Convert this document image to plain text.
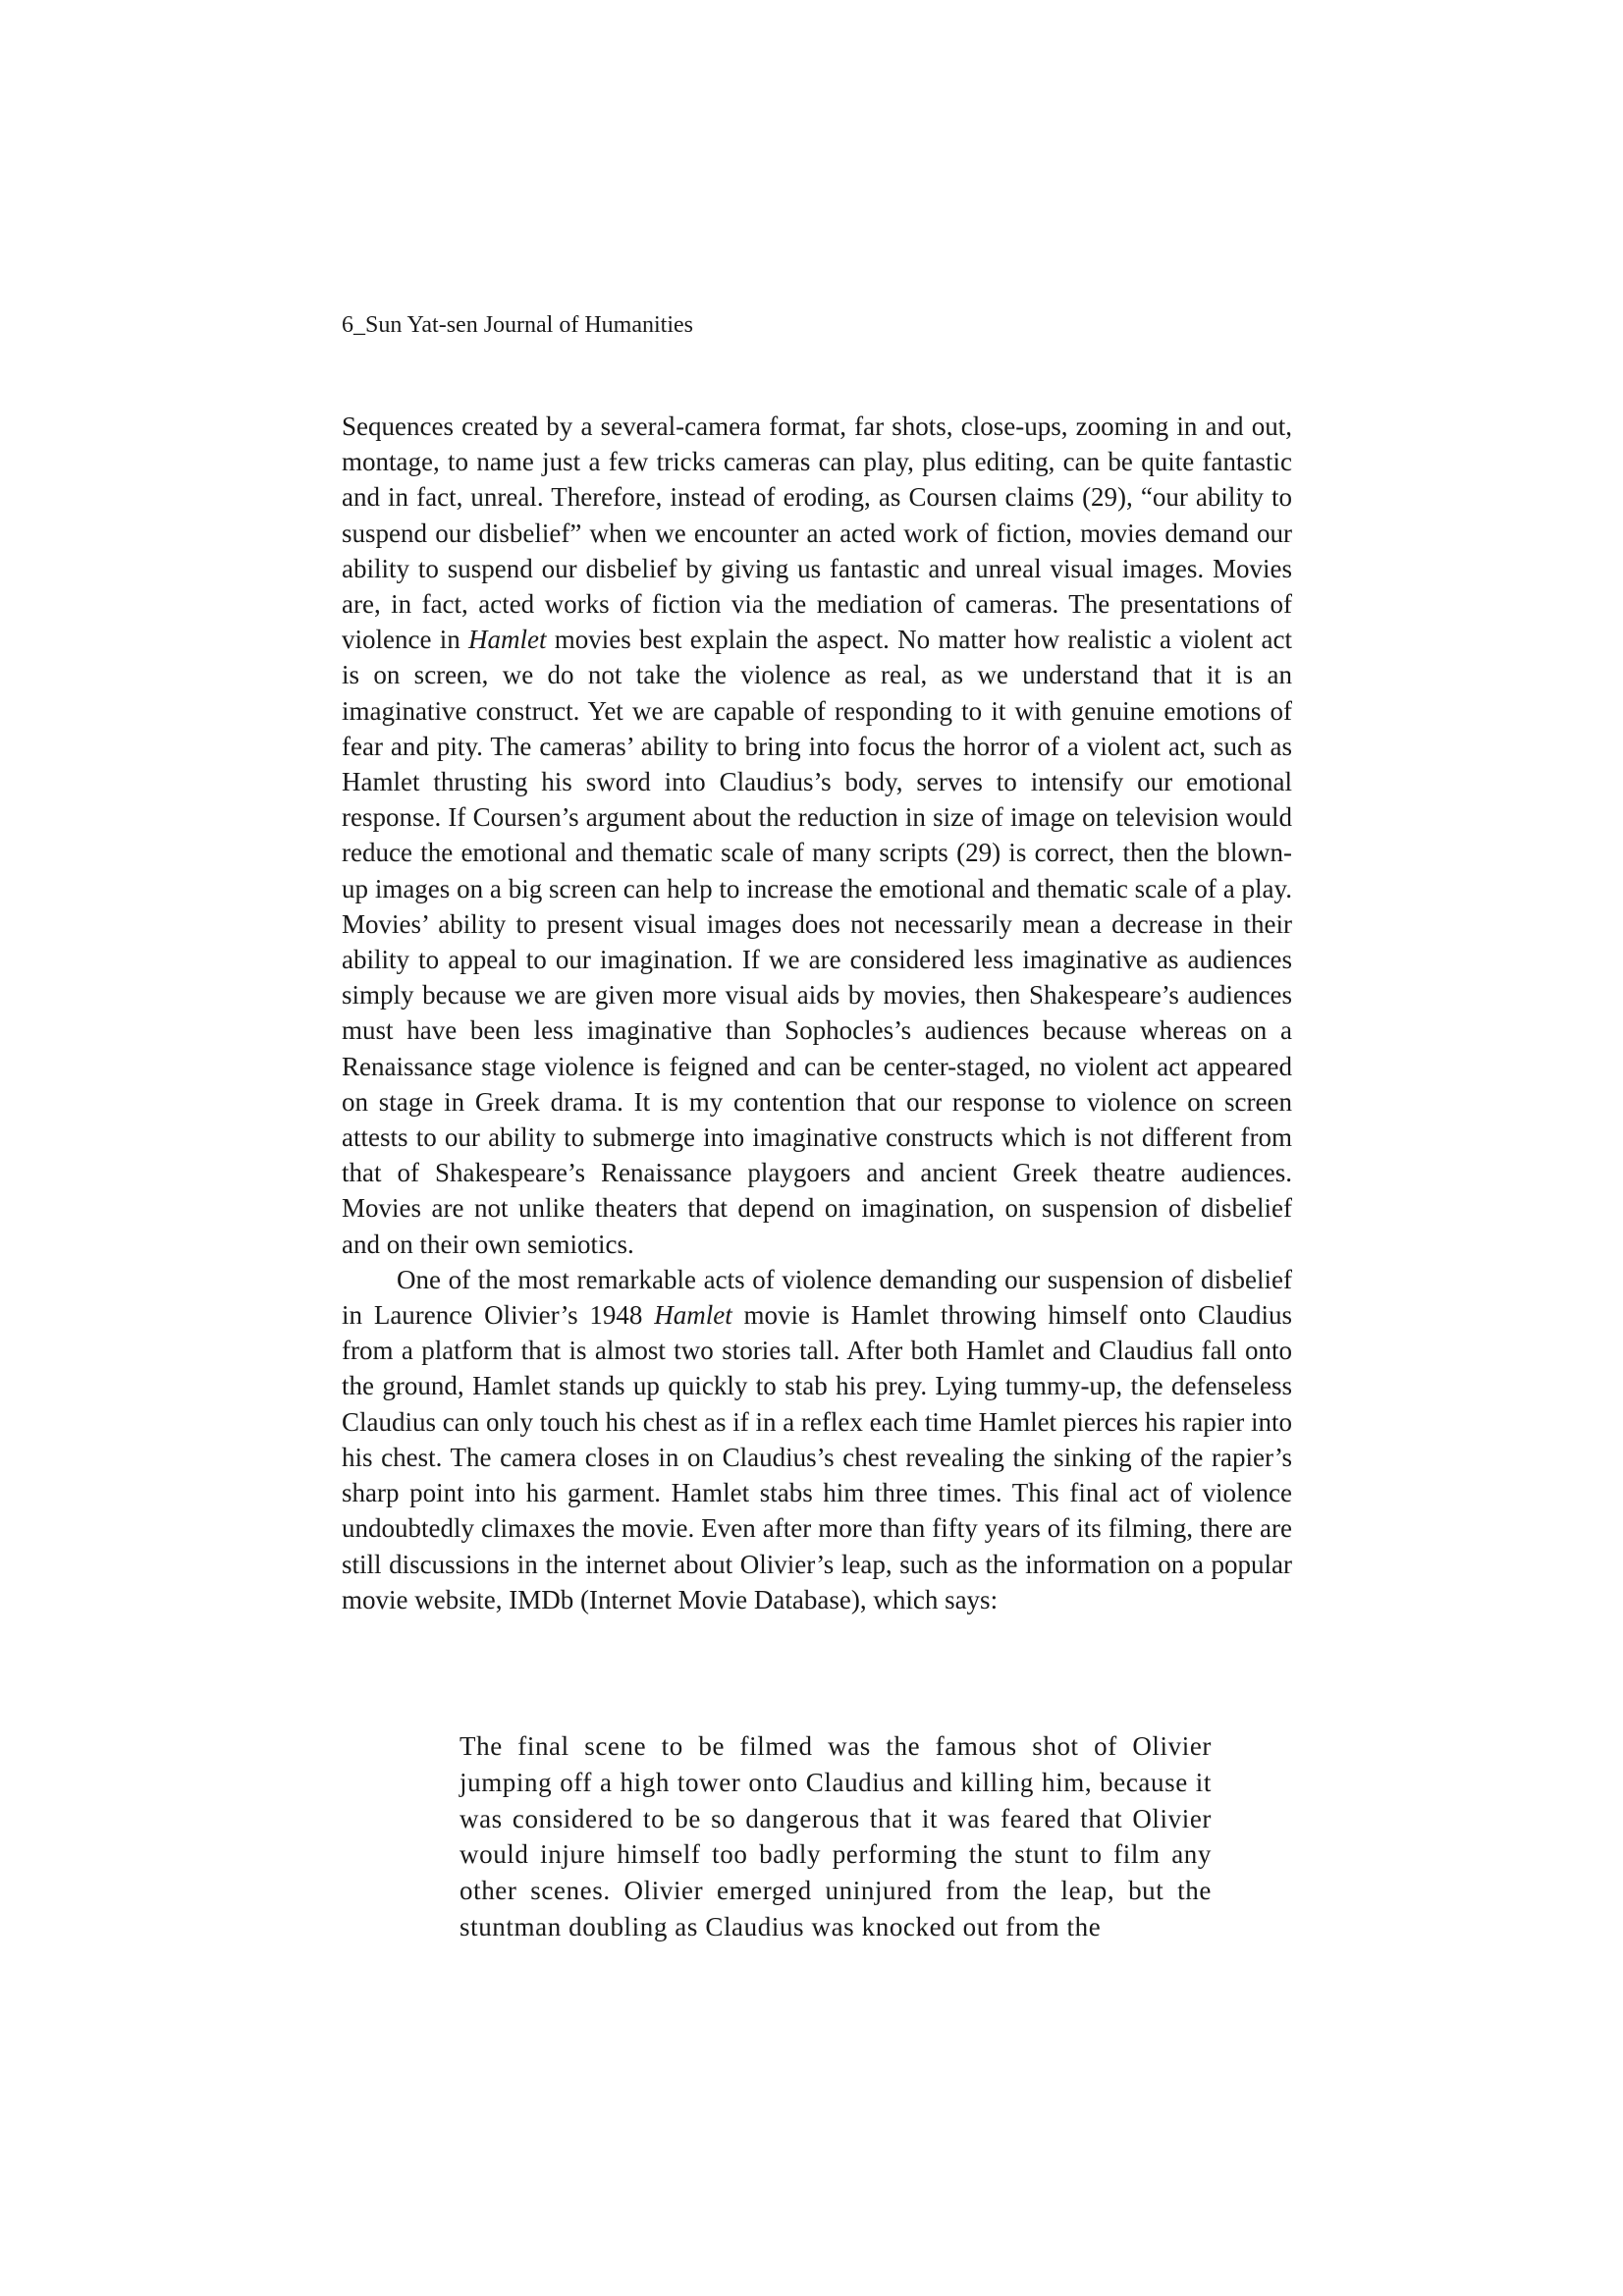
6_Sun Yat-sen Journal of Humanities

Sequences created by a several-camera format, far shots, close-ups, zooming in and out, montage, to name just a few tricks cameras can play, plus editing, can be quite fantastic and in fact, unreal. Therefore, instead of eroding, as Coursen claims (29), “our ability to suspend our disbelief” when we encounter an acted work of fiction, movies demand our ability to suspend our disbelief by giving us fantastic and unreal visual images. Movies are, in fact, acted works of fiction via the mediation of cameras. The presentations of violence in Hamlet movies best explain the aspect. No matter how realistic a violent act is on screen, we do not take the violence as real, as we understand that it is an imaginative construct. Yet we are capable of responding to it with genuine emotions of fear and pity. The cameras’ ability to bring into focus the horror of a violent act, such as Hamlet thrusting his sword into Claudius’s body, serves to intensify our emotional response. If Coursen’s argument about the reduction in size of image on television would reduce the emotional and thematic scale of many scripts (29) is correct, then the blown-up images on a big screen can help to increase the emotional and thematic scale of a play. Movies’ ability to present visual images does not necessarily mean a decrease in their ability to appeal to our imagination. If we are considered less imaginative as audiences simply because we are given more visual aids by movies, then Shakespeare’s audiences must have been less imaginative than Sophocles’s audiences because whereas on a Renaissance stage violence is feigned and can be center-staged, no violent act appeared on stage in Greek drama. It is my contention that our response to violence on screen attests to our ability to submerge into imaginative constructs which is not different from that of Shakespeare’s Renaissance playgoers and ancient Greek theatre audiences. Movies are not unlike theaters that depend on imagination, on suspension of disbelief and on their own semiotics.

One of the most remarkable acts of violence demanding our suspension of disbelief in Laurence Olivier’s 1948 Hamlet movie is Hamlet throwing himself onto Claudius from a platform that is almost two stories tall. After both Hamlet and Claudius fall onto the ground, Hamlet stands up quickly to stab his prey. Lying tummy-up, the defenseless Claudius can only touch his chest as if in a reflex each time Hamlet pierces his rapier into his chest. The camera closes in on Claudius’s chest revealing the sinking of the rapier’s sharp point into his garment. Hamlet stabs him three times. This final act of violence undoubtedly climaxes the movie. Even after more than fifty years of its filming, there are still discussions in the internet about Olivier’s leap, such as the information on a popular movie website, IMDb (Internet Movie Database), which says:

The final scene to be filmed was the famous shot of Olivier jumping off a high tower onto Claudius and killing him, because it was considered to be so dangerous that it was feared that Olivier would injure himself too badly performing the stunt to film any other scenes. Olivier emerged uninjured from the leap, but the stuntman doubling as Claudius was knocked out from the
